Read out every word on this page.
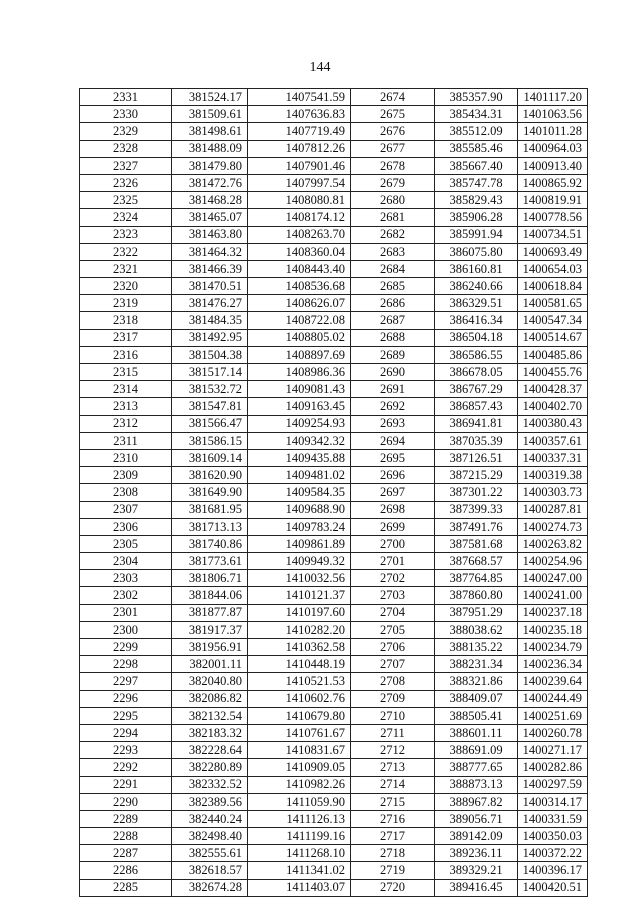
144
2331	381524.17	1407541.59	2674	385357.90	1401117.20
2330	381509.61	1407636.83	2675	385434.31	1401063.56
2329	381498.61	1407719.49	2676	385512.09	1401011.28
2328	381488.09	1407812.26	2677	385585.46	1400964.03
2327	381479.80	1407901.46	2678	385667.40	1400913.40
2326	381472.76	1407997.54	2679	385747.78	1400865.92
2325	381468.28	1408080.81	2680	385829.43	1400819.91
2324	381465.07	1408174.12	2681	385906.28	1400778.56
2323	381463.80	1408263.70	2682	385991.94	1400734.51
2322	381464.32	1408360.04	2683	386075.80	1400693.49
2321	381466.39	1408443.40	2684	386160.81	1400654.03
2320	381470.51	1408536.68	2685	386240.66	1400618.84
2319	381476.27	1408626.07	2686	386329.51	1400581.65
2318	381484.35	1408722.08	2687	386416.34	1400547.34
2317	381492.95	1408805.02	2688	386504.18	1400514.67
2316	381504.38	1408897.69	2689	386586.55	1400485.86
2315	381517.14	1408986.36	2690	386678.05	1400455.76
2314	381532.72	1409081.43	2691	386767.29	1400428.37
2313	381547.81	1409163.45	2692	386857.43	1400402.70
2312	381566.47	1409254.93	2693	386941.81	1400380.43
2311	381586.15	1409342.32	2694	387035.39	1400357.61
2310	381609.14	1409435.88	2695	387126.51	1400337.31
2309	381620.90	1409481.02	2696	387215.29	1400319.38
2308	381649.90	1409584.35	2697	387301.22	1400303.73
2307	381681.95	1409688.90	2698	387399.33	1400287.81
2306	381713.13	1409783.24	2699	387491.76	1400274.73
2305	381740.86	1409861.89	2700	387581.68	1400263.82
2304	381773.61	1409949.32	2701	387668.57	1400254.96
2303	381806.71	1410032.56	2702	387764.85	1400247.00
2302	381844.06	1410121.37	2703	387860.80	1400241.00
2301	381877.87	1410197.60	2704	387951.29	1400237.18
2300	381917.37	1410282.20	2705	388038.62	1400235.18
2299	381956.91	1410362.58	2706	388135.22	1400234.79
2298	382001.11	1410448.19	2707	388231.34	1400236.34
2297	382040.80	1410521.53	2708	388321.86	1400239.64
2296	382086.82	1410602.76	2709	388409.07	1400244.49
2295	382132.54	1410679.80	2710	388505.41	1400251.69
2294	382183.32	1410761.67	2711	388601.11	1400260.78
2293	382228.64	1410831.67	2712	388691.09	1400271.17
2292	382280.89	1410909.05	2713	388777.65	1400282.86
2291	382332.52	1410982.26	2714	388873.13	1400297.59
2290	382389.56	1411059.90	2715	388967.82	1400314.17
2289	382440.24	1411126.13	2716	389056.71	1400331.59
2288	382498.40	1411199.16	2717	389142.09	1400350.03
2287	382555.61	1411268.10	2718	389236.11	1400372.22
2286	382618.57	1411341.02	2719	389329.21	1400396.17
2285	382674.28	1411403.07	2720	389416.45	1400420.51
